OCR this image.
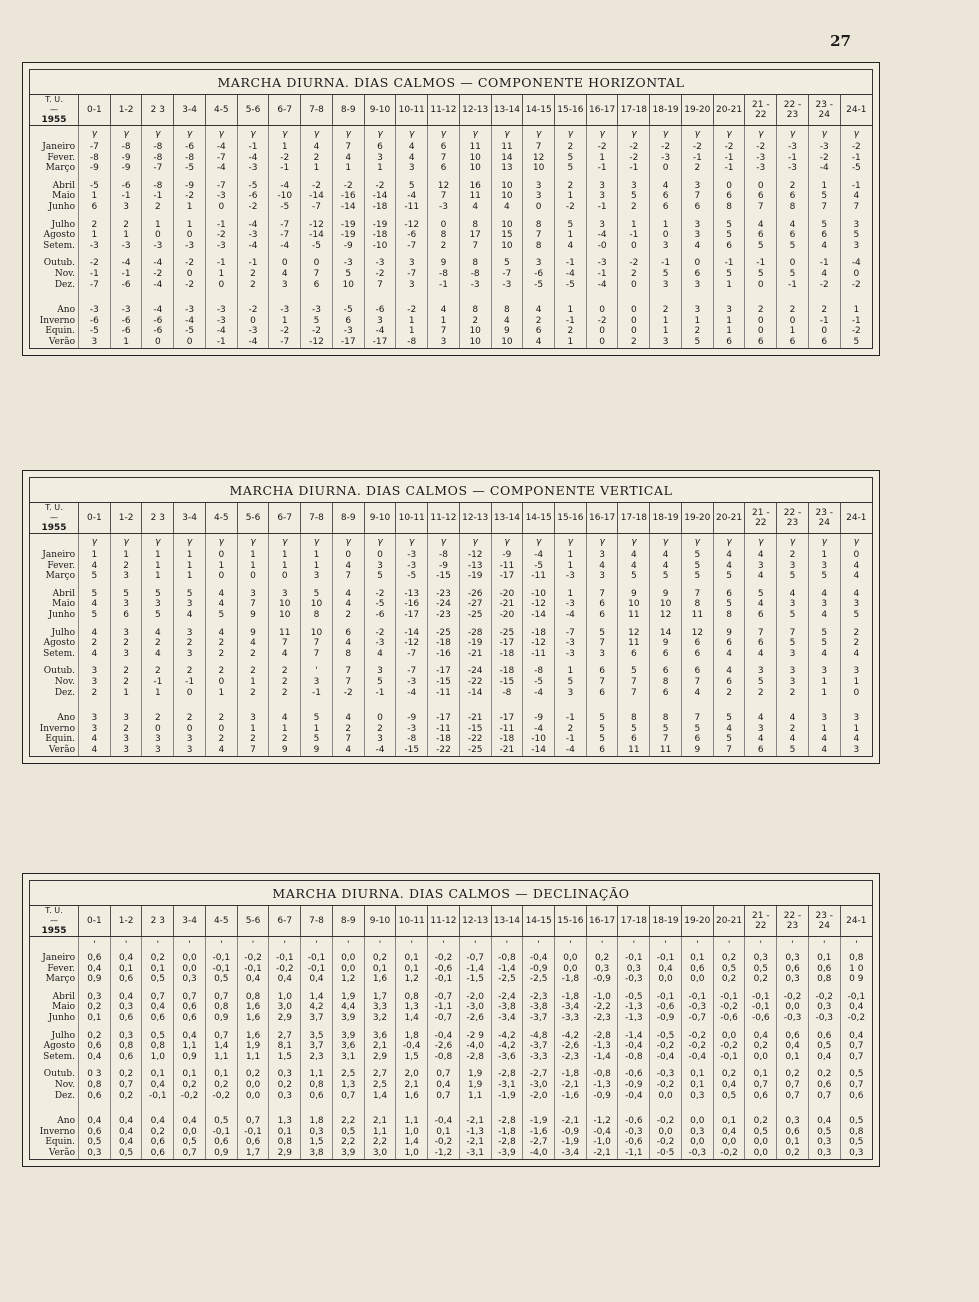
27
MARCHA DIURNA. DIAS CALMOS — COMPONENTE HORIZONTAL
T. U.
—
1955	0-1	1-2	2 3	3-4	4-5	5-6	6-7	7-8	8-9	9-10	10-11	11-12	12-13	13-14	14-15	15-16	16-17	17-18	18-19	19-20	20-21	21 - 22	22 - 23	23 - 24	24-1
	γ	γ	γ	γ	γ	γ	γ	γ	γ	γ	γ	γ	γ	γ	γ	γ	γ	γ	γ	γ	γ	γ	γ	γ	γ
Janeiro	-7	-8	-8	-6	-4	-1	1	4	7	6	4	6	11	11	7	2	-2	-2	-2	-2	-2	-2	-3	-3	-2
Fever.	-8	-9	-8	-8	-7	-4	-2	2	4	3	4	7	10	14	12	5	1	-2	-3	-1	-1	-3	-1	-2	-1
Março	-9	-9	-7	-5	-4	-3	-1	1	1	1	3	6	10	13	10	5	-1	-1	0	2	-1	-3	-3	-4	-5

Abril	-5	-6	-8	-9	-7	-5	-4	-2	-2	-2	5	12	16	10	3	2	3	3	4	3	0	0	2	1	-1
Maio	1	-1	-1	-2	-3	-6	-10	-14	-16	-14	-4	7	11	10	3	1	3	5	6	7	6	6	6	5	4
Junho	6	3	2	1	0	-2	-5	-7	-14	-18	-11	-3	4	4	0	-2	-1	2	6	6	8	7	8	7	7

Julho	2	2	1	1	-1	-4	-7	-12	-19	-19	-12	0	8	10	8	5	3	1	1	3	5	4	4	5	3
Agosto	1	1	0	0	-2	-3	-7	-14	-19	-18	-6	8	17	15	7	1	-4	-1	0	3	5	6	6	6	5
Setem.	-3	-3	-3	-3	-3	-4	-4	-5	-9	-10	-7	2	7	10	8	4	-0	0	3	4	6	5	5	4	3

Outub.	-2	-4	-4	-2	-1	-1	0	0	-3	-3	3	9	8	5	3	-1	-3	-2	-1	0	-1	-1	0	-1	-4
Nov.	-1	-1	-2	0	1	2	4	7	5	-2	-7	-8	-8	-7	-6	-4	-1	2	5	6	5	5	5	4	0
Dez.	-7	-6	-4	-2	0	2	3	6	10	7	3	-1	-3	-3	-5	-5	-4	0	3	3	1	0	-1	-2	-2

Ano	-3	-3	-4	-3	-3	-2	-3	-3	-5	-6	-2	4	8	8	4	1	0	0	2	3	3	2	2	2	1
Inverno	-6	-6	-6	-4	-3	0	1	5	6	3	1	1	2	4	2	-1	-2	0	1	1	1	0	0	-1	-1
Equin.	-5	-6	-6	-5	-4	-3	-2	-2	-3	-4	1	7	10	9	6	2	0	0	1	2	1	0	1	0	-2
Verão	3	1	0	0	-1	-4	-7	-12	-17	-17	-8	3	10	10	4	1	0	2	3	5	6	6	6	6	5
MARCHA DIURNA. DIAS CALMOS — COMPONENTE VERTICAL
T. U.
—
1955	0-1	1-2	2 3	3-4	4-5	5-6	6-7	7-8	8-9	9-10	10-11	11-12	12-13	13-14	14-15	15-16	16-17	17-18	18-19	19-20	20-21	21 - 22	22 - 23	23 - 24	24-1
	γ	γ	γ	γ	γ	γ	γ	γ	γ	γ	γ	γ	γ	γ	γ	γ	γ	γ	γ	γ	γ	γ	γ	γ	γ
Janeiro	1	1	1	1	0	1	1	1	0	0	-3	-8	-12	-9	-4	1	3	4	4	5	4	4	2	1	0
Fever.	4	2	1	1	1	1	1	1	4	3	-3	-9	-13	-11	-5	1	4	4	4	5	4	3	3	3	4
Março	5	3	1	1	0	0	0	3	7	5	-5	-15	-19	-17	-11	-3	3	5	5	5	5	4	5	5	4

Abril	5	5	5	5	4	3	3	5	4	-2	-13	-23	-26	-20	-10	1	7	9	9	7	6	5	4	4	4
Maio	4	3	3	3	4	7	10	10	4	-5	-16	-24	-27	-21	-12	-3	6	10	10	8	5	4	3	3	3
Junho	5	6	5	4	5	9	10	8	2	-6	-17	-23	-25	-20	-14	-4	6	11	12	11	8	6	5	4	5

Julho	4	3	4	3	4	9	11	10	6	-2	-14	-25	-28	-25	-18	-7	5	12	14	12	9	7	7	5	2
Agosto	2	2	2	2	2	4	7	7	4	-3	-12	-18	-19	-17	-12	-3	7	11	9	6	6	6	5	5	2
Setem.	4	3	4	3	2	2	4	7	8	4	-7	-16	-21	-18	-11	-3	3	6	6	6	4	4	3	4	4

Outub.	3	2	2	2	2	2	2	'	7	3	-7	-17	-24	-18	-8	1	6	5	6	6	4	3	3	3	3
Nov.	3	2	-1	-1	0	1	2	3	7	5	-3	-15	-22	-15	-5	5	7	7	8	7	6	5	3	1	1
Dez.	2	1	1	0	1	2	2	-1	-2	-1	-4	-11	-14	-8	-4	3	6	7	6	4	2	2	2	1	0

Ano	3	3	2	2	2	3	4	5	4	0	-9	-17	-21	-17	-9	-1	5	8	8	7	5	4	4	3	3
Inverno	3	2	0	0	0	1	1	1	2	2	-3	-11	-15	-11	-4	2	5	5	5	5	4	3	2	1	1
Equin.	4	3	3	3	2	2	2	5	7	3	-8	-18	-22	-18	-10	-1	5	6	7	6	5	4	4	4	4
Verão	4	3	3	3	4	7	9	9	4	-4	-15	-22	-25	-21	-14	-4	6	11	11	9	7	6	5	4	3
MARCHA DIURNA. DIAS CALMOS — DECLINAÇÃO
T. U.
—
1955	0-1	1-2	2 3	3-4	4-5	5-6	6-7	7-8	8-9	9-10	10-11	11-12	12-13	13-14	14-15	15-16	16-17	17-18	18-19	19-20	20-21	21 - 22	22 - 23	23 - 24	24-1
	'	'	'	'	'	'	'	'	'	'	'	'	'	'	'	'	'	'	'	'	'	'	'	'	'
Janeiro	0,6	0,4	0,2	0,0	-0,1	-0,2	-0,1	-0,1	0,0	0,2	0,1	-0,2	-0,7	-0,8	-0,4	0,0	0,2	-0,1	-0,1	0,1	0,2	0,3	0,3	0,1	0,8
Fever.	0,4	0,1	0,1	0,0	-0,1	-0,1	-0,2	-0,1	0,0	0,1	0,1	-0,6	-1,4	-1,4	-0,9	0,0	0,3	0,3	0,4	0,6	0,5	0,5	0,6	0,6	1 0
Março	0,9	0,6	0,5	0,3	0,5	0,4	0,4	0,4	1,2	1,6	1,2	-0,1	-1,5	-2,5	-2,5	-1,8	-0,9	-0,3	0,0	0,0	0,2	0,2	0,3	0,8	0 9

Abril	0,3	0,4	0,7	0,7	0,7	0,8	1,0	1,4	1,9	1,7	0,8	-0,7	-2,0	-2,4	-2,3	-1,8	-1,0	-0,5	-0,1	-0,1	-0,1	-0,1	-0,2	-0,2	-0,1
Maio	0,2	0,3	0,4	0,6	0,8	1,6	3,0	4,2	4,4	3,3	1,3	-1,1	-3,0	-3,8	-3,8	-3,4	-2,2	-1,3	-0,6	-0,3	-0,2	-0,1	0,0	0,3	0,4
Junho	0,1	0,6	0,6	0,6	0,9	1,6	2,9	3,7	3,9	3,2	1,4	-0,7	-2,6	-3,4	-3,7	-3,3	-2,3	-1,3	-0,9	-0,7	-0,6	-0,6	-0,3	-0,3	-0,2

Julho	0,2	0,3	0,5	0,4	0,7	1,6	2,7	3,5	3,9	3,6	1,8	-0,4	-2 9	-4,2	-4,8	-4,2	-2,8	-1,4	-0,5	-0,2	0,0	0,4	0,6	0,6	0,4
Agosto	0,6	0,8	0,8	1,1	1,4	1,9	8,1	3,7	3,6	2,1	-0,4	-2,6	-4,0	-4,2	-3,7	-2,6	-1,3	-0,4	-0,2	-0,2	-0,2	0,2	0,4	0,5	0,7
Setem.	0,4	0,6	1,0	0,9	1,1	1,1	1,5	2,3	3,1	2,9	1,5	-0,8	-2,8	-3,6	-3,3	-2,3	-1,4	-0,8	-0,4	-0,4	-0,1	0,0	0,1	0,4	0,7

Outub.	0 3	0,2	0,1	0,1	0,1	0,2	0,3	1,1	2,5	2,7	2,0	0,7	1,9	-2,8	-2,7	-1,8	-0,8	-0,6	-0,3	0,1	0,2	0,1	0,2	0,2	0,5
Nov.	0,8	0,7	0,4	0,2	0,2	0,0	0,2	0,8	1,3	2,5	2,1	0,4	1,9	-3,1	-3,0	-2,1	-1,3	-0,9	-0,2	0,1	0,4	0,7	0,7	0,6	0,7
Dez.	0,6	0,2	-0,1	-0,2	-0,2	0,0	0,3	0,6	0,7	1,4	1,6	0,7	1,1	-1,9	-2,0	-1,6	-0,9	-0,4	0,0	0,3	0,5	0,6	0,7	0,7	0,6

Ano	0,4	0,4	0,4	0,4	0,5	0,7	1,3	1,8	2,2	2,1	1,1	-0,4	-2,1	-2,8	-1,9	-2,1	-1,2	-0,6	-0,2	0,0	0,1	0,2	0,3	0,4	0,5
Inverno	0,6	0,4	0,2	0,0	-0,1	-0,1	0,1	0,3	0,5	1,1	1,0	0,1	-1,3	-1,8	-1,6	-0,9	-0,4	-0,3	0,0	0,3	0,4	0,5	0,6	0,5	0,8
Equin.	0,5	0,4	0,6	0,5	0,6	0,6	0,8	1,5	2,2	2,2	1,4	-0,2	-2,1	-2,8	-2,7	-1,9	-1,0	-0,6	-0,2	0,0	0,0	0,0	0,1	0,3	0,5
Verão	0,3	0,5	0,6	0,7	0,9	1,7	2,9	3,8	3,9	3,0	1,0	-1,2	-3,1	-3,9	-4,0	-3,4	-2,1	-1,1	-0·5	-0,3	-0,2	0,0	0,2	0,3	0,3
